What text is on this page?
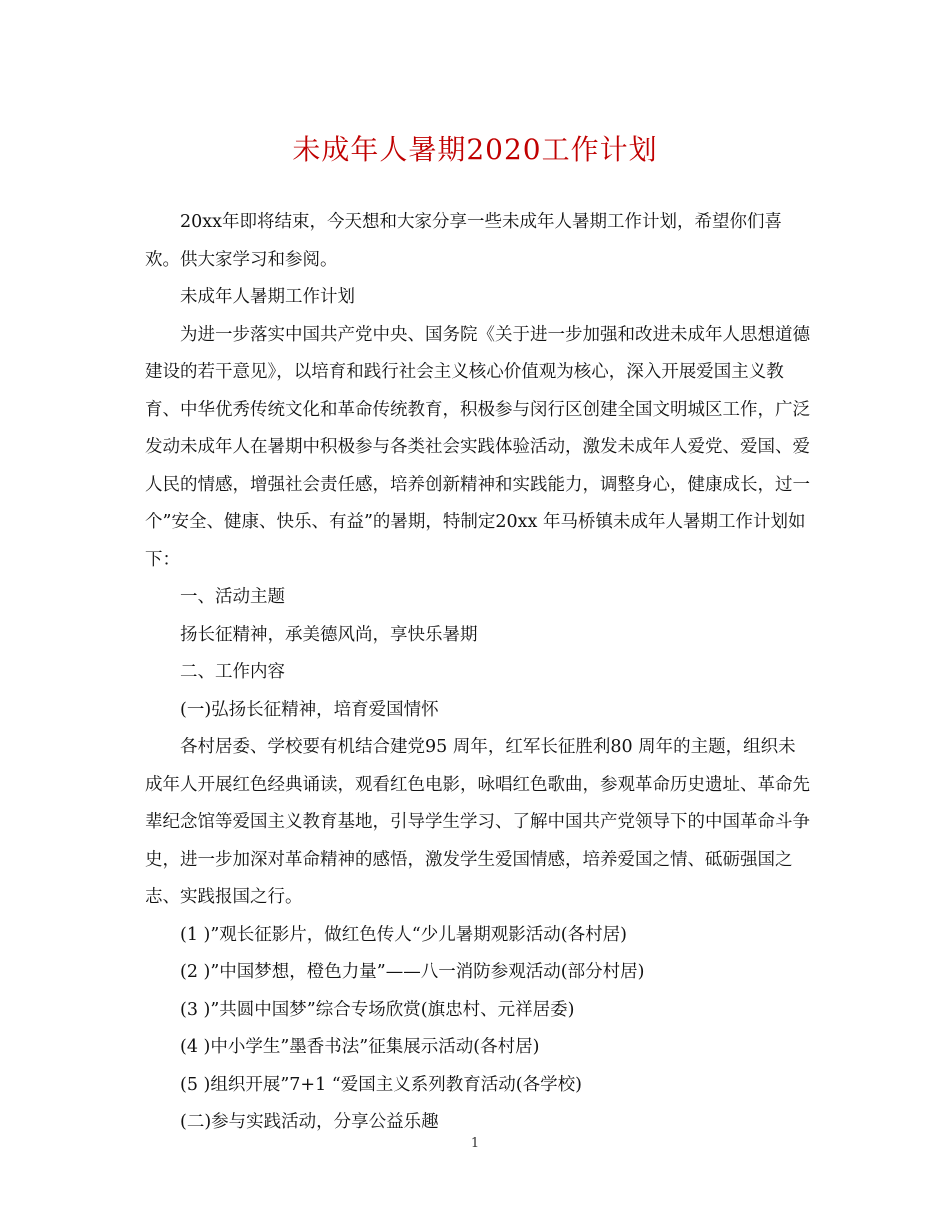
未成年人暑期2020工作计划

20xx年即将结束，今天想和大家分享一些未成年人暑期工作计划，希望你们喜欢。供大家学习和参阅。

未成年人暑期工作计划

为进一步落实中国共产党中央、国务院《关于进一步加强和改进未成年人思想道德建设的若干意见》，以培育和践行社会主义核心价值观为核心，深入开展爱国主义教育、中华优秀传统文化和革命传统教育，积极参与闵行区创建全国文明城区工作，广泛发动未成年人在暑期中积极参与各类社会实践体验活动，激发未成年人爱党、爱国、爱人民的情感，增强社会责任感，培养创新精神和实践能力，调整身心，健康成长，过一个”安全、健康、快乐、有益”的暑期，特制定20xx 年马桥镇未成年人暑期工作计划如下：

一、活动主题

扬长征精神，承美德风尚，享快乐暑期

二、工作内容

(一)弘扬长征精神，培育爱国情怀

各村居委、学校要有机结合建党95 周年，红军长征胜利80 周年的主题，组织未成年人开展红色经典诵读，观看红色电影，咏唱红色歌曲，参观革命历史遗址、革命先辈纪念馆等爱国主义教育基地，引导学生学习、了解中国共产党领导下的中国革命斗争史，进一步加深对革命精神的感悟，激发学生爱国情感，培养爱国之情、砥砺强国之志、实践报国之行。

(1 )”观长征影片，做红色传人“少儿暑期观影活动(各村居)

(2 )”中国梦想，橙色力量”——八一消防参观活动(部分村居)

(3 )”共圆中国梦”综合专场欣赏(旗忠村、元祥居委)

(4 )中小学生”墨香书法”征集展示活动(各村居)

(5 )组织开展”7+1 “爱国主义系列教育活动(各学校)

(二)参与实践活动，分享公益乐趣

1
